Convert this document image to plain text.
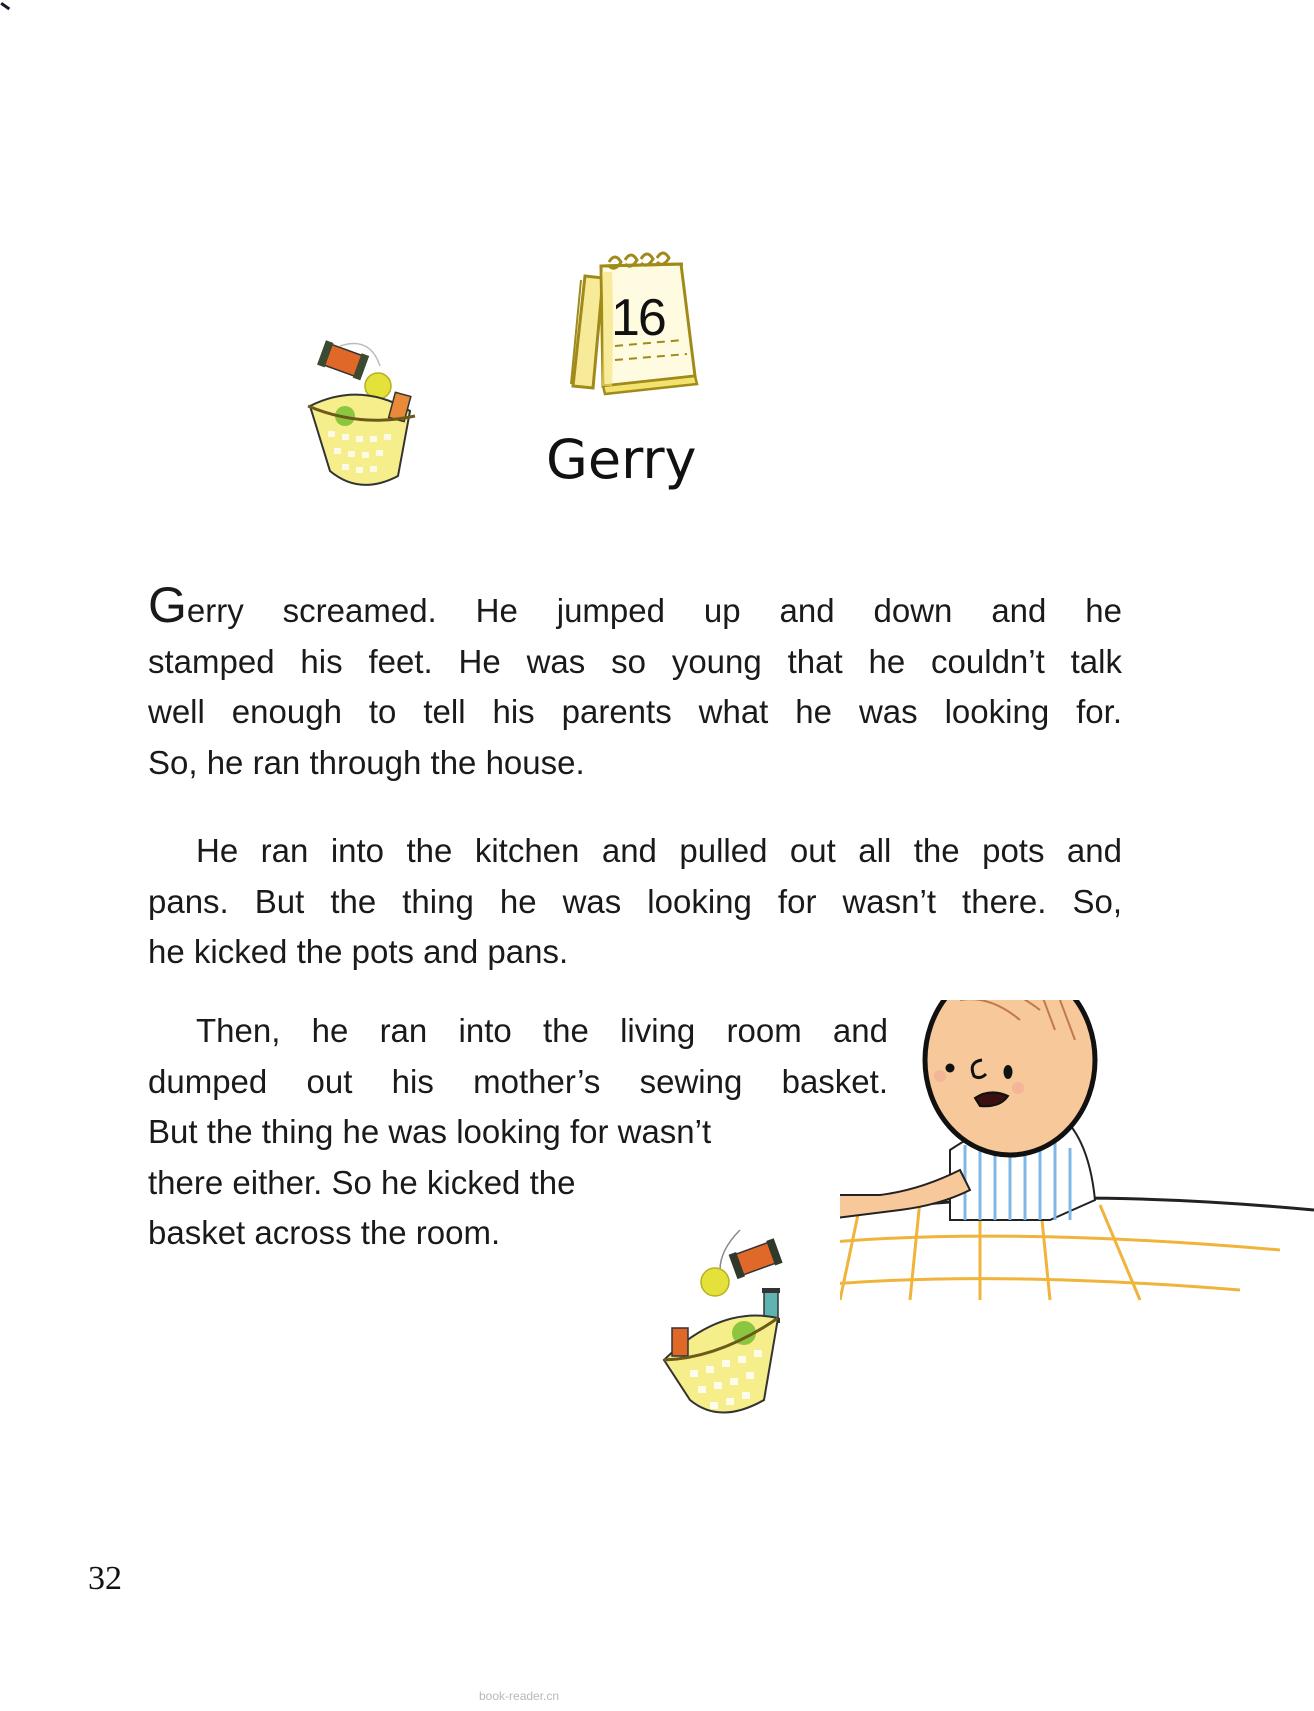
16
Gerry

Gerry screamed. He jumped up and down and he
stamped his feet. He was so young that he couldn’t talk
well enough to tell his parents what he was looking for.
So, he ran through the house.

He ran into the kitchen and pulled out all the pots and
pans. But the thing he was looking for wasn’t there. So,
he kicked the pots and pans.

Then, he ran into the living room and
dumped out his mother’s sewing basket.
But the thing he was looking for wasn’t
there either. So he kicked the
basket across the room.

32
book-reader.cn
